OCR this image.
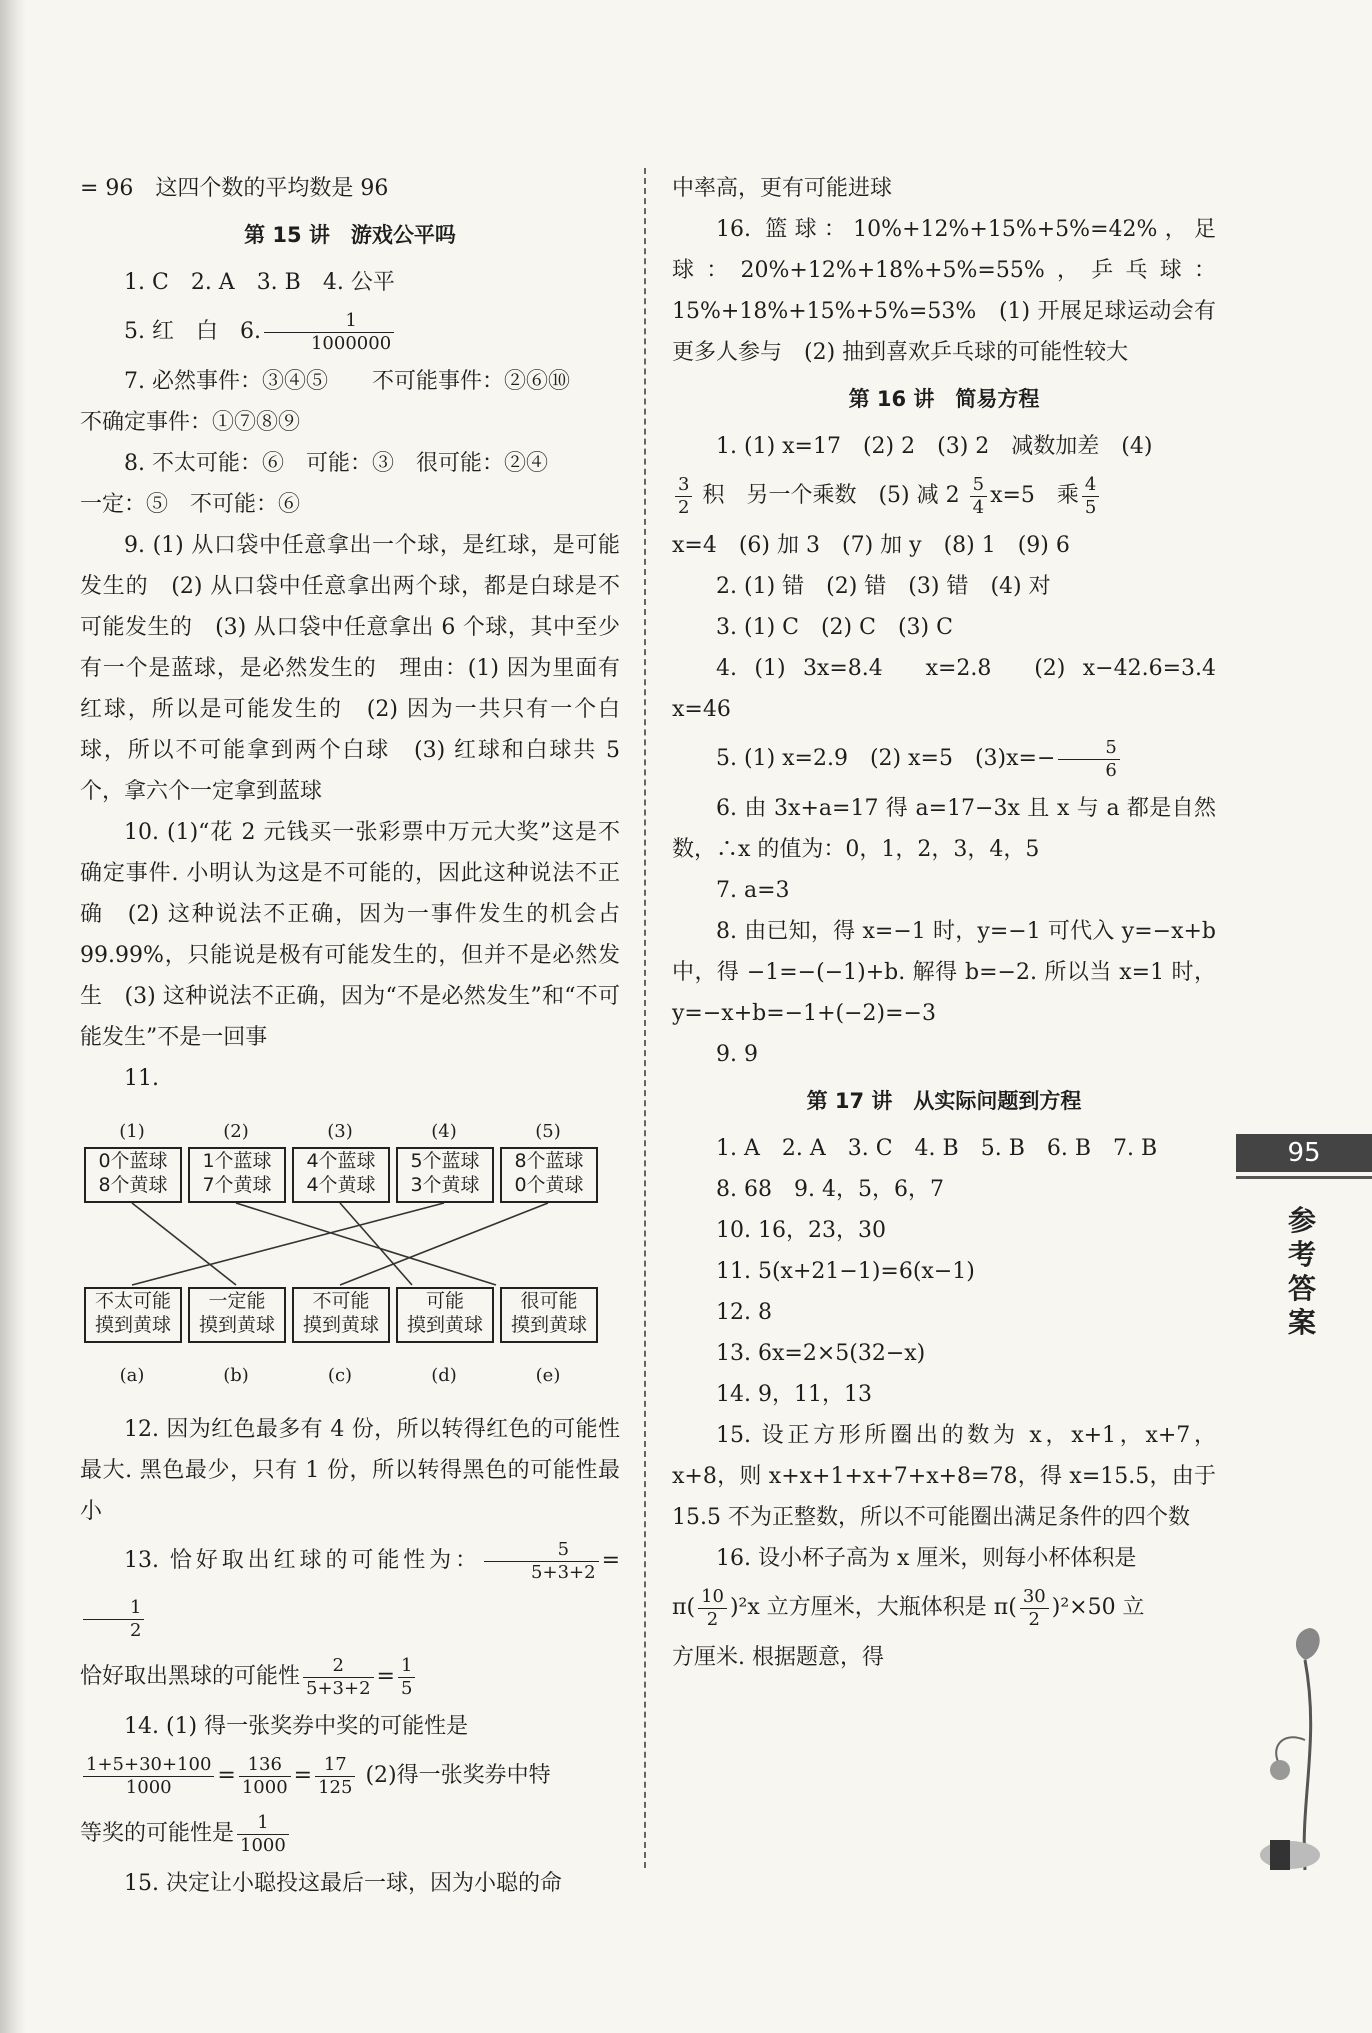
= 96　这四个数的平均数是 96

第 15 讲　游戏公平吗

1. C　2. A　3. B　4. 公平

5. 红　白　6. $\frac{1}{1000000}$

7. 必然事件：③④⑤　　不可能事件：②⑥⑩

不确定事件：①⑦⑧⑨

8. 不太可能：⑥　可能：③　很可能：②④

一定：⑤　不可能：⑥

9. (1) 从口袋中任意拿出一个球，是红球，是可能发生的　(2) 从口袋中任意拿出两个球，都是白球是不可能发生的　(3) 从口袋中任意拿出 6 个球，其中至少有一个是蓝球，是必然发生的　理由：(1) 因为里面有红球，所以是可能发生的　(2) 因为一共只有一个白球，所以不可能拿到两个白球　(3) 红球和白球共 5 个，拿六个一定拿到蓝球

10. (1)“花 2 元钱买一张彩票中万元大奖”这是不确定事件. 小明认为这是不可能的，因此这种说法不正确　(2) 这种说法不正确，因为一事件发生的机会占 99.99%，只能说是极有可能发生的，但并不是必然发生　(3) 这种说法不正确，因为“不是必然发生”和“不可能发生”不是一回事

11.

(1)	(2)	(3)	(4)	(5)
0个蓝球
8个黄球
1个蓝球
7个黄球
4个蓝球
4个黄球
5个蓝球
3个黄球
8个蓝球
0个黄球
不太可能
摸到黄球
一定能
摸到黄球
不可能
摸到黄球
可能
摸到黄球
很可能
摸到黄球
(a)	(b)	(c)	(d)	(e)

12. 因为红色最多有 4 份，所以转得红色的可能性最大. 黑色最少，只有 1 份，所以转得黑色的可能性最小

13. 恰好取出红球的可能性为： $\frac{5}{5+3+2}$ =
$\frac{1}{2}$

恰好取出黑球的可能性 $\frac{2}{5+3+2} = \frac{1}{5}$

14. (1) 得一张奖券中奖的可能性是

$\frac{1+5+30+100}{1000} = \frac{136}{1000} = \frac{17}{125} (2)$得一张奖券中特

等奖的可能性是 $\frac{1}{1000}$

15. 决定让小聪投这最后一球，因为小聪的命

中率高，更有可能进球

16. 篮球：10%+12%+15%+5%=42%，足球：20%+12%+18%+5%=55%，乒乓球：15%+18%+15%+5%=53%　(1) 开展足球运动会有更多人参与　(2) 抽到喜欢乒乓球的可能性较大

第 16 讲　简易方程

1. (1) x=17　(2) 2　(3) 2　减数加差　(4)

$\frac{3}{2}$ 积　另一个乘数　(5) 减 $2 \frac{5}{4} x=5$　乘 $\frac{4}{5}$

x=4　(6) 加 3　(7) 加 y　(8) 1　(9) 6

2. (1) 错　(2) 错　(3) 错　(4) 对

3. (1) C　(2) C　(3) C

4. (1) 3x=8.4　x=2.8　(2) x−42.6=3.4　x=46

5. (1) x=2.9　(2) x=5　$(3)x=- \frac{5}{6}$

6. 由 3x+a=17 得 a=17−3x 且 x 与 a 都是自然数，∴x 的值为：0，1，2，3，4，5

7. a=3

8. 由已知，得 x=−1 时，y=−1 可代入 y=−x+b 中，得 −1=−(−1)+b. 解得 b=−2. 所以当 x=1 时，y=−x+b=−1+(−2)=−3

9. 9

第 17 讲　从实际问题到方程

1. A　2. A　3. C　4. B　5. B　6. B　7. B

8. 68　9. 4，5，6，7

10. 16，23，30

11. 5(x+21−1)=6(x−1)

12. 8

13. 6x=2×5(32−x)

14. 9，11，13

15. 设正方形所圈出的数为 x，x+1，x+7，x+8，则 x+x+1+x+7+x+8=78，得 x=15.5，由于 15.5 不为正整数，所以不可能圈出满足条件的四个数

16. 设小杯子高为 x 厘米，则每小杯体积是

$\pi( \frac{10}{2} )^2x$ 立方厘米，大瓶体积是 $\pi( \frac{30}{2} )^2\times 50$ 立

方厘米. 根据题意，得

95
参考答案
